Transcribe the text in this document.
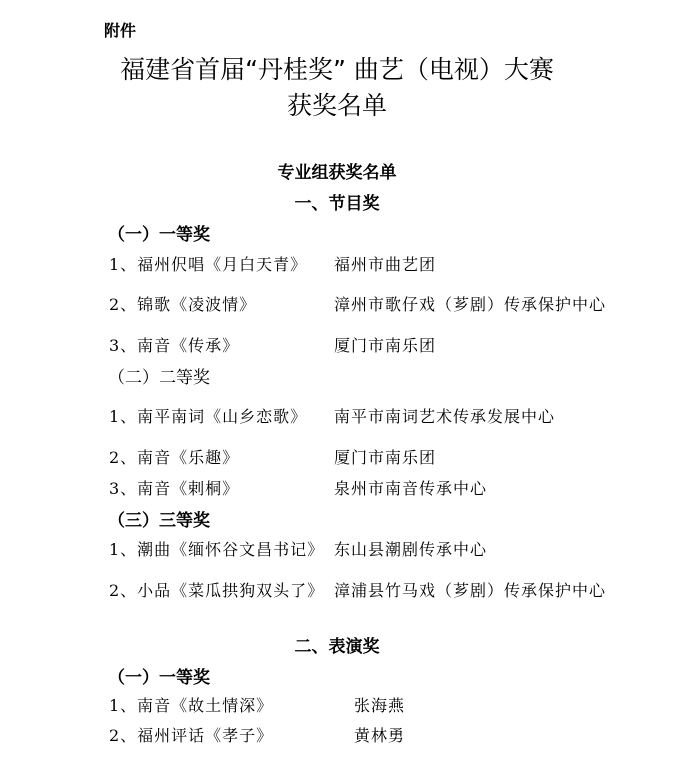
附件
福建省首届“丹桂奖” 曲艺（电视）大赛
获奖名单
专业组获奖名单
一、节目奖
（一）一等奖
1、福州伬唱《月白天青》 福州市曲艺团
2、锦歌《凌波情》	漳州市歌仔戏（芗剧）传承保护中心
3、南音《传承》	厦门市南乐团
（二）二等奖
1、南平南词《山乡恋歌》 南平市南词艺术传承发展中心
2、南音《乐趣》	厦门市南乐团
3、南音《剌桐》	泉州市南音传承中心
（三）三等奖
1、潮曲《缅怀谷文昌书记》 东山县潮剧传承中心
2、小品《菜瓜拱狗双头了》 漳浦县竹马戏（芗剧）传承保护中心
二、表演奖
（一）一等奖
1、南音《故土情深》	张海燕
2、福州评话《孝子》	黄林勇
